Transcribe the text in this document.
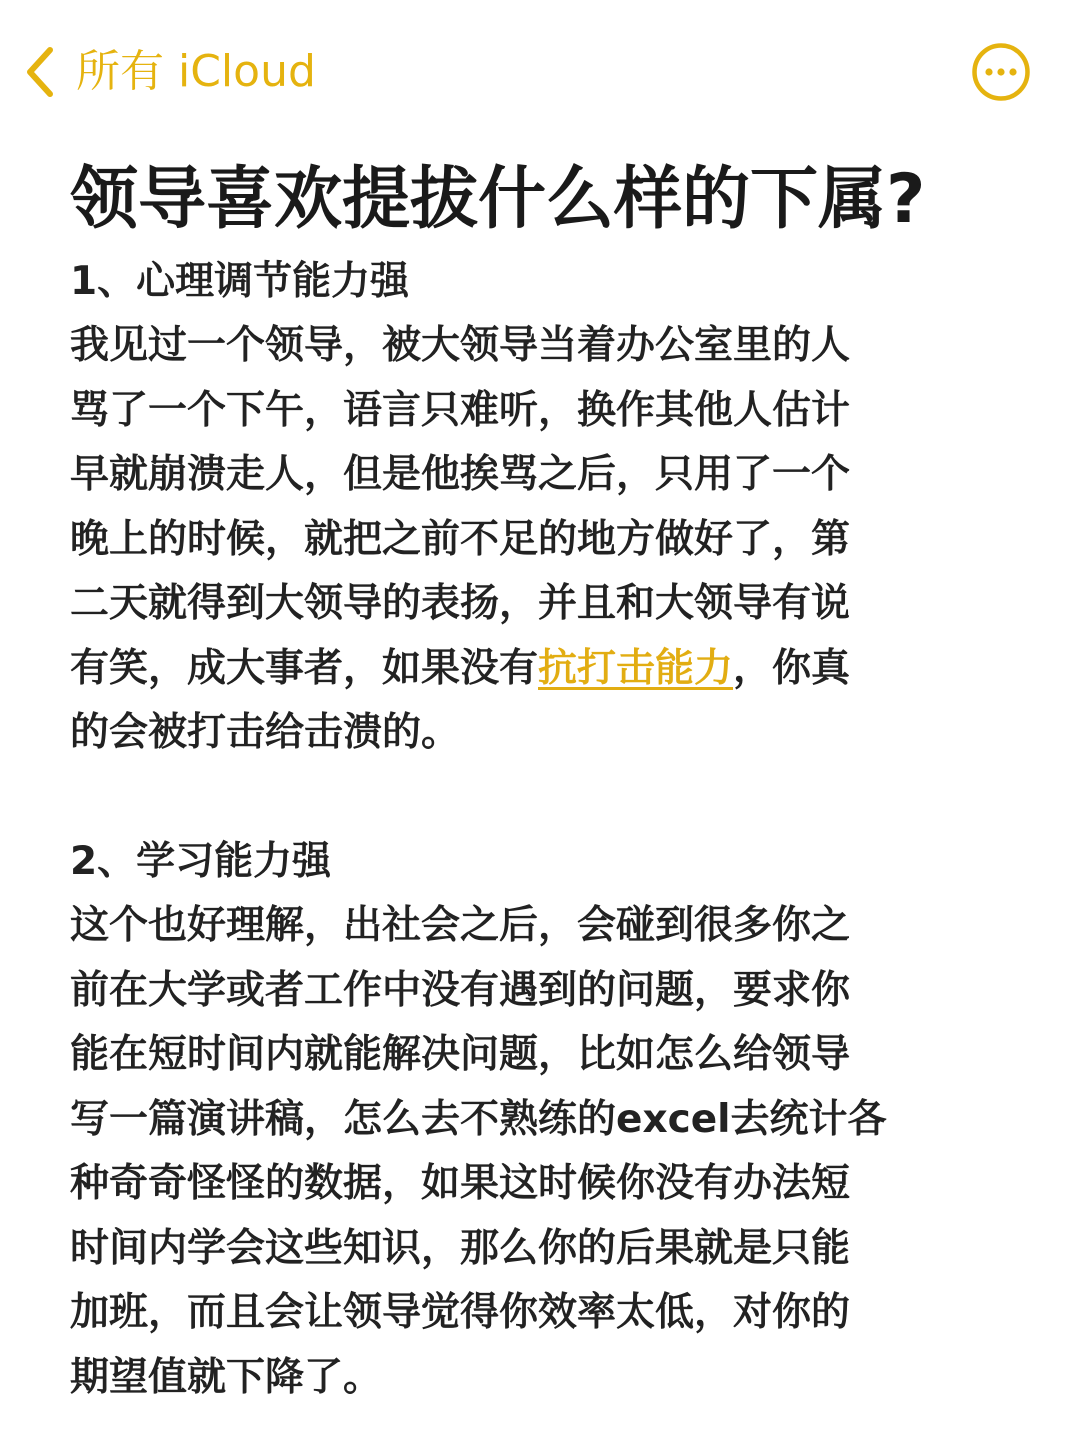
所有 iCloud
领导喜欢提拔什么样的下属?

1、心理调节能力强

我见过一个领导，被大领导当着办公室里的人

骂了一个下午，语言只难听，换作其他人估计

早就崩溃走人，但是他挨骂之后，只用了一个

晚上的时候，就把之前不足的地方做好了，第

二天就得到大领导的表扬，并且和大领导有说

有笑，成大事者，如果没有抗打击能力，你真

的会被打击给击溃的。

2、学习能力强

这个也好理解，出社会之后，会碰到很多你之

前在大学或者工作中没有遇到的问题，要求你

能在短时间内就能解决问题，比如怎么给领导

写一篇演讲稿，怎么去不熟练的excel去统计各

种奇奇怪怪的数据，如果这时候你没有办法短

时间内学会这些知识，那么你的后果就是只能

加班，而且会让领导觉得你效率太低，对你的

期望值就下降了。
